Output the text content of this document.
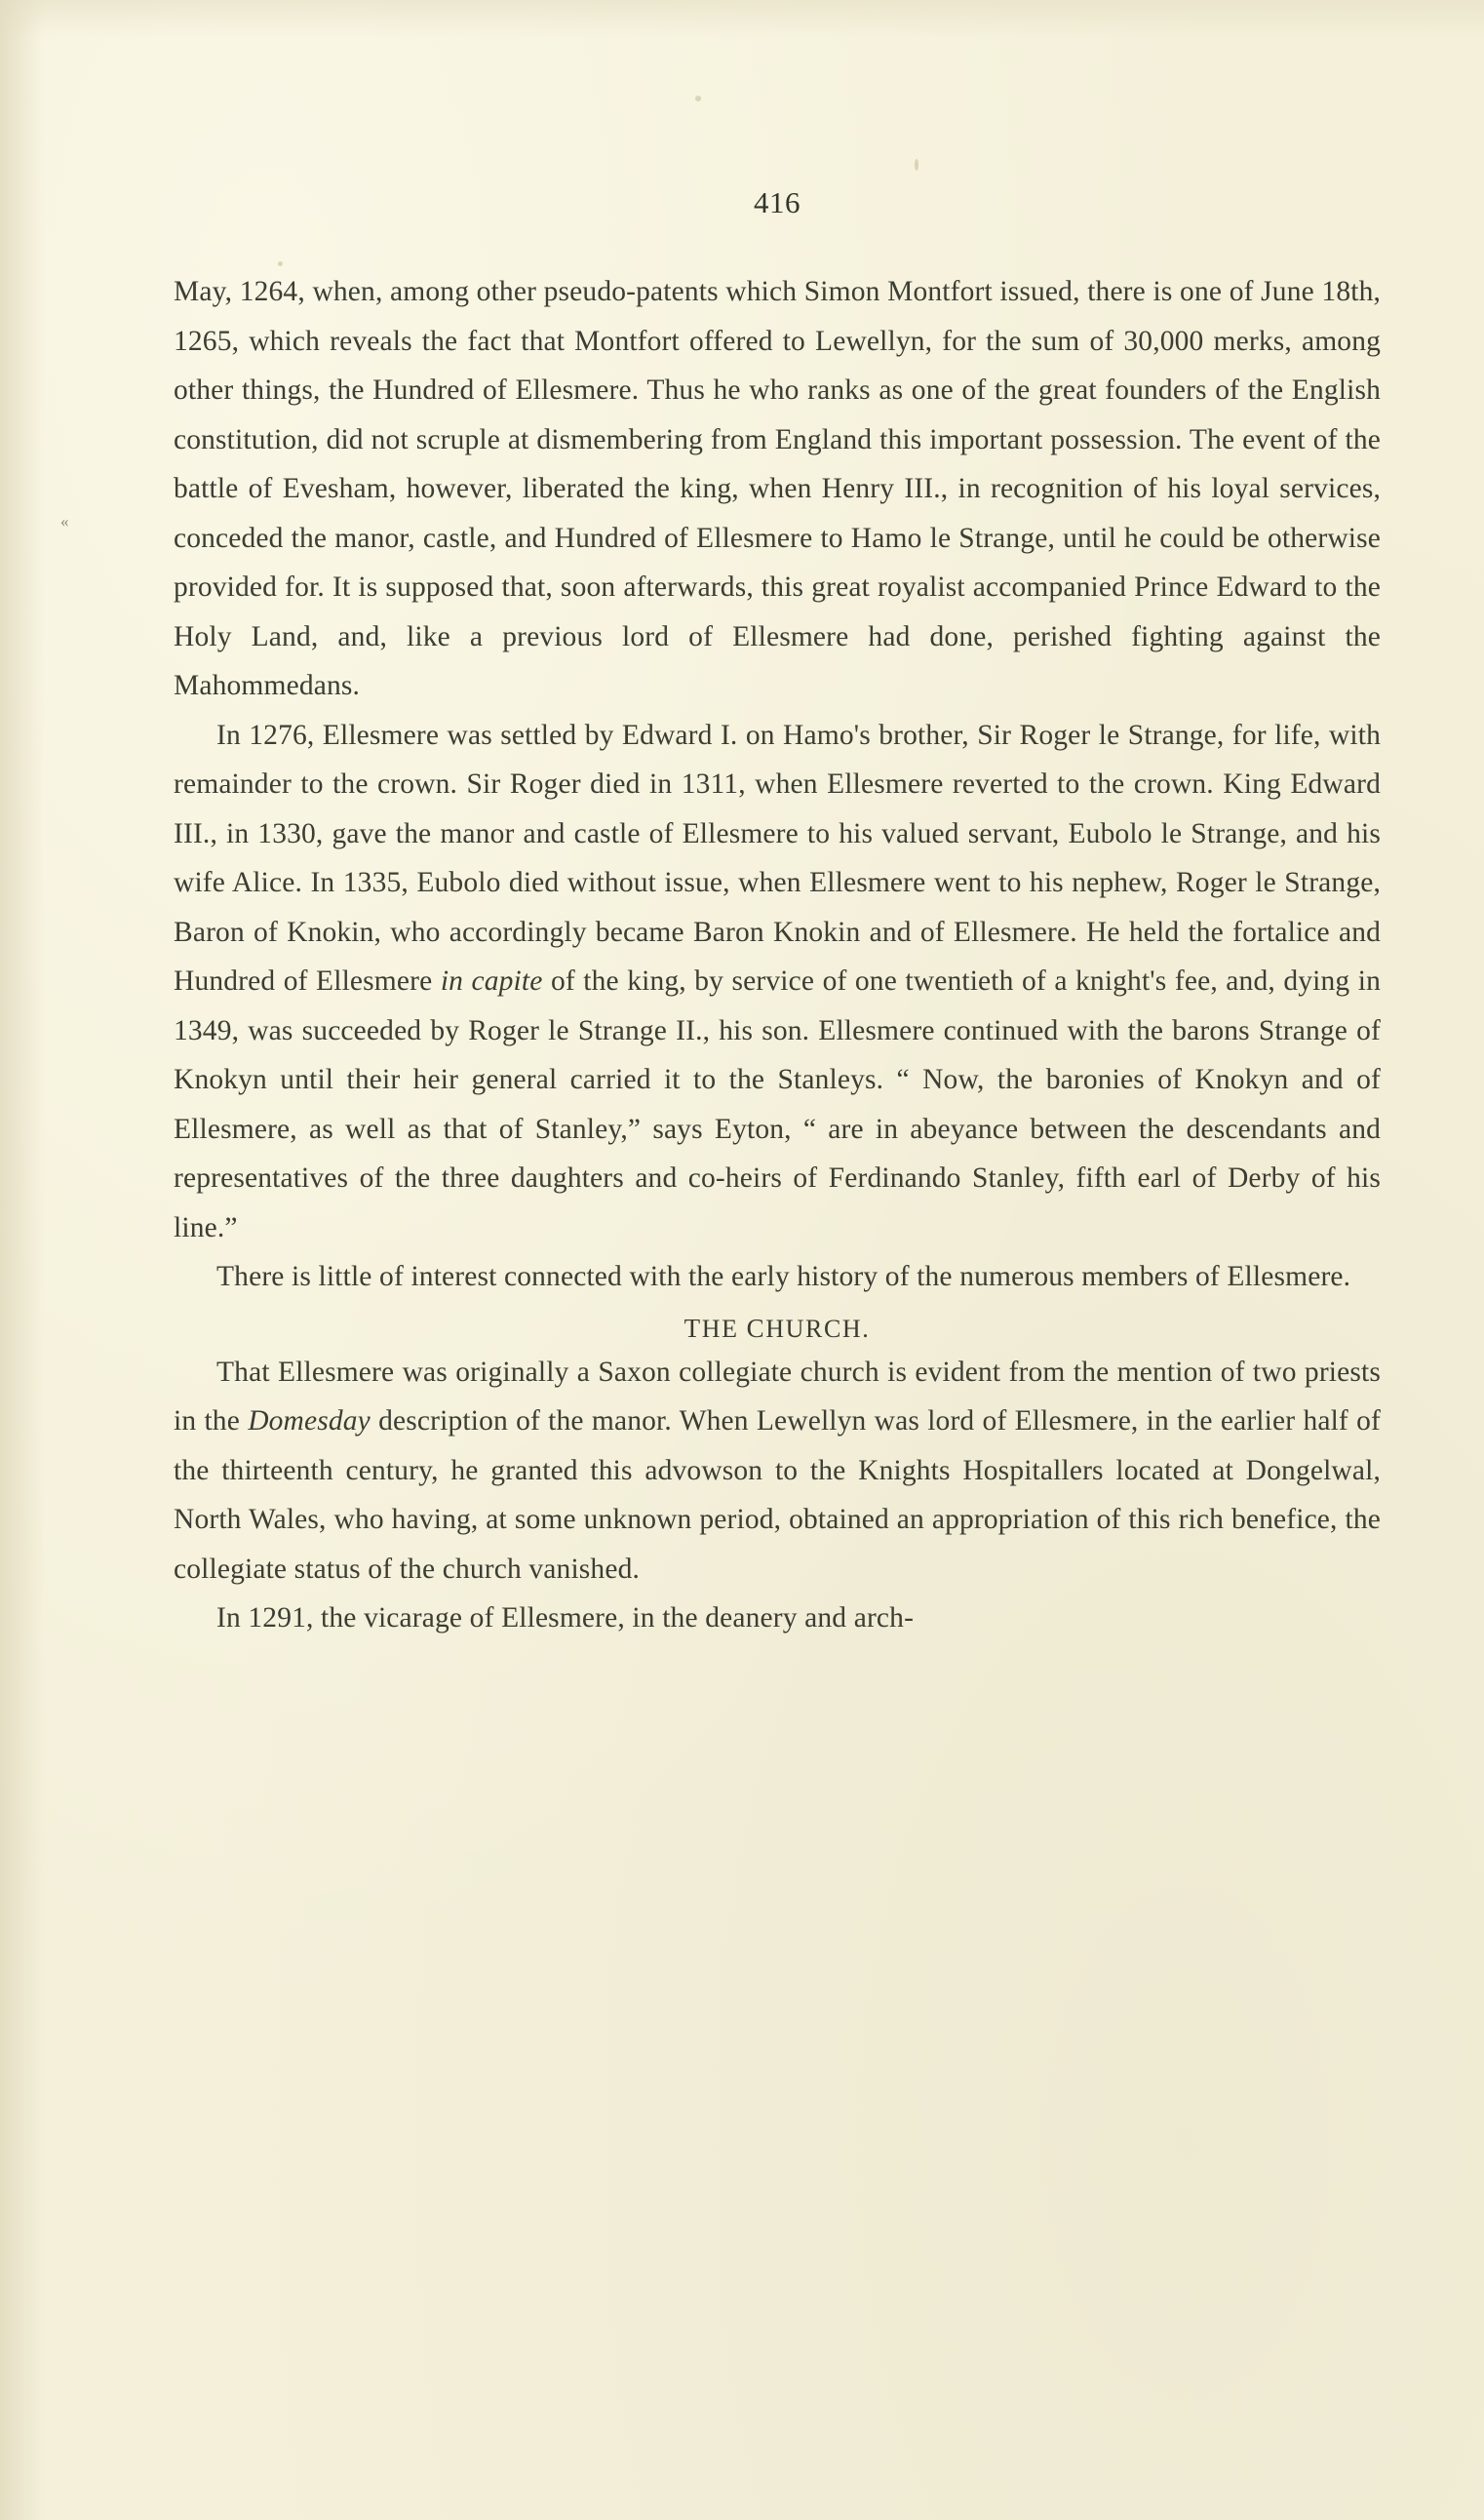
«
416

May, 1264, when, among other pseudo-patents which Simon Montfort issued, there is one of June 18th, 1265, which reveals the fact that Montfort offered to Lewellyn, for the sum of 30,000 merks, among other things, the Hundred of Ellesmere. Thus he who ranks as one of the great founders of the English constitution, did not scruple at dismembering from England this important possession. The event of the battle of Evesham, however, liberated the king, when Henry III., in recognition of his loyal services, conceded the manor, castle, and Hundred of Ellesmere to Hamo le Strange, until he could be otherwise provided for. It is supposed that, soon afterwards, this great royalist accompanied Prince Edward to the Holy Land, and, like a previous lord of Ellesmere had done, perished fighting against the Mahommedans.

In 1276, Ellesmere was settled by Edward I. on Hamo's brother, Sir Roger le Strange, for life, with remainder to the crown. Sir Roger died in 1311, when Ellesmere reverted to the crown. King Edward III., in 1330, gave the manor and castle of Ellesmere to his valued servant, Eubolo le Strange, and his wife Alice. In 1335, Eubolo died without issue, when Ellesmere went to his nephew, Roger le Strange, Baron of Knokin, who accordingly became Baron Knokin and of Ellesmere. He held the fortalice and Hundred of Ellesmere in capite of the king, by service of one twentieth of a knight's fee, and, dying in 1349, was succeeded by Roger le Strange II., his son. Ellesmere continued with the barons Strange of Knokyn until their heir general carried it to the Stanleys. “ Now, the baronies of Knokyn and of Ellesmere, as well as that of Stanley,” says Eyton, “ are in abeyance between the descendants and representatives of the three daughters and co-heirs of Ferdinando Stanley, fifth earl of Derby of his line.”

There is little of interest connected with the early history of the numerous members of Ellesmere.

THE CHURCH.

That Ellesmere was originally a Saxon collegiate church is evident from the mention of two priests in the Domesday description of the manor. When Lewellyn was lord of Ellesmere, in the earlier half of the thirteenth century, he granted this advowson to the Knights Hospitallers located at Dongelwal, North Wales, who having, at some unknown period, obtained an appropriation of this rich benefice, the collegiate status of the church vanished.

In 1291, the vicarage of Ellesmere, in the deanery and arch-
